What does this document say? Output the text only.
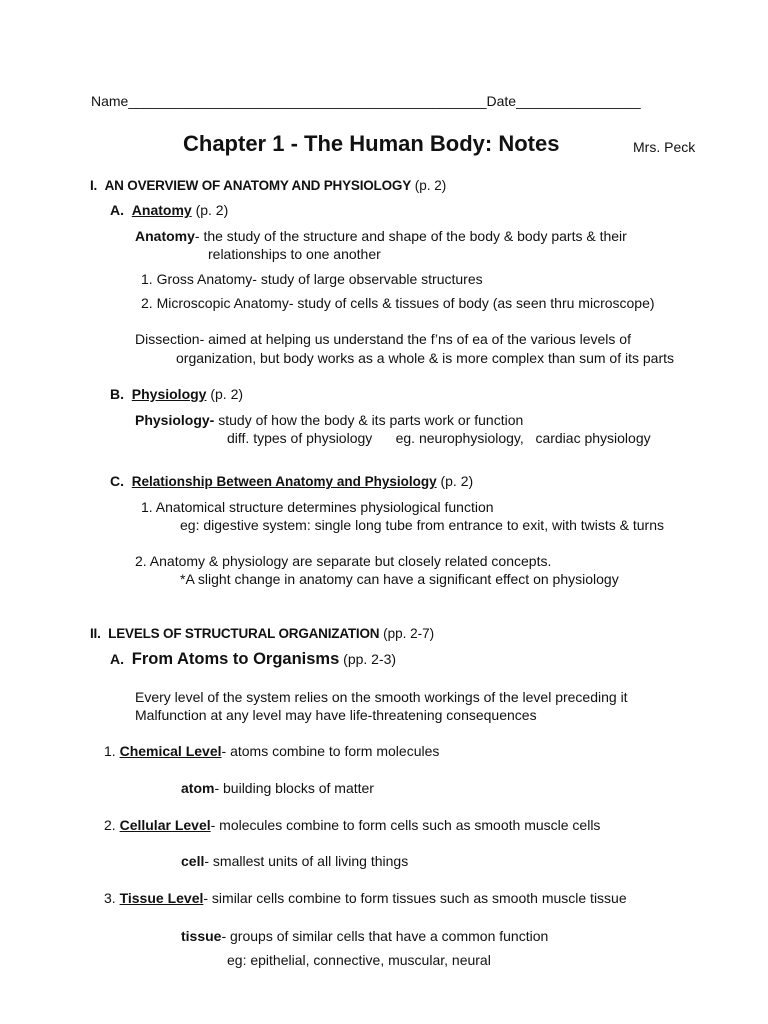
Name______________________________________________Date________________
Chapter 1 - The Human Body: Notes	Mrs. Peck
I. AN OVERVIEW OF ANATOMY AND PHYSIOLOGY (p. 2)
A. Anatomy (p. 2)
Anatomy- the study of the structure and shape of the body & body parts & their
relationships to one another
1. Gross Anatomy- study of large observable structures
2. Microscopic Anatomy- study of cells & tissues of body (as seen thru microscope)
Dissection- aimed at helping us understand the f’ns of ea of the various levels of
organization, but body works as a whole & is more complex than sum of its parts
B. Physiology (p. 2)
Physiology- study of how the body & its parts work or function
diff. types of physiology      eg. neurophysiology,   cardiac physiology
C. Relationship Between Anatomy and Physiology (p. 2)
1. Anatomical structure determines physiological function
eg: digestive system: single long tube from entrance to exit, with twists & turns
2. Anatomy & physiology are separate but closely related concepts.
*A slight change in anatomy can have a significant effect on physiology
II. LEVELS OF STRUCTURAL ORGANIZATION (pp. 2-7)
A. From Atoms to Organisms (pp. 2-3)
Every level of the system relies on the smooth workings of the level preceding it
Malfunction at any level may have life-threatening consequences
1. Chemical Level- atoms combine to form molecules
atom- building blocks of matter
2. Cellular Level- molecules combine to form cells such as smooth muscle cells
cell- smallest units of all living things
3. Tissue Level- similar cells combine to form tissues such as smooth muscle tissue
tissue- groups of similar cells that have a common function
eg: epithelial, connective, muscular, neural
